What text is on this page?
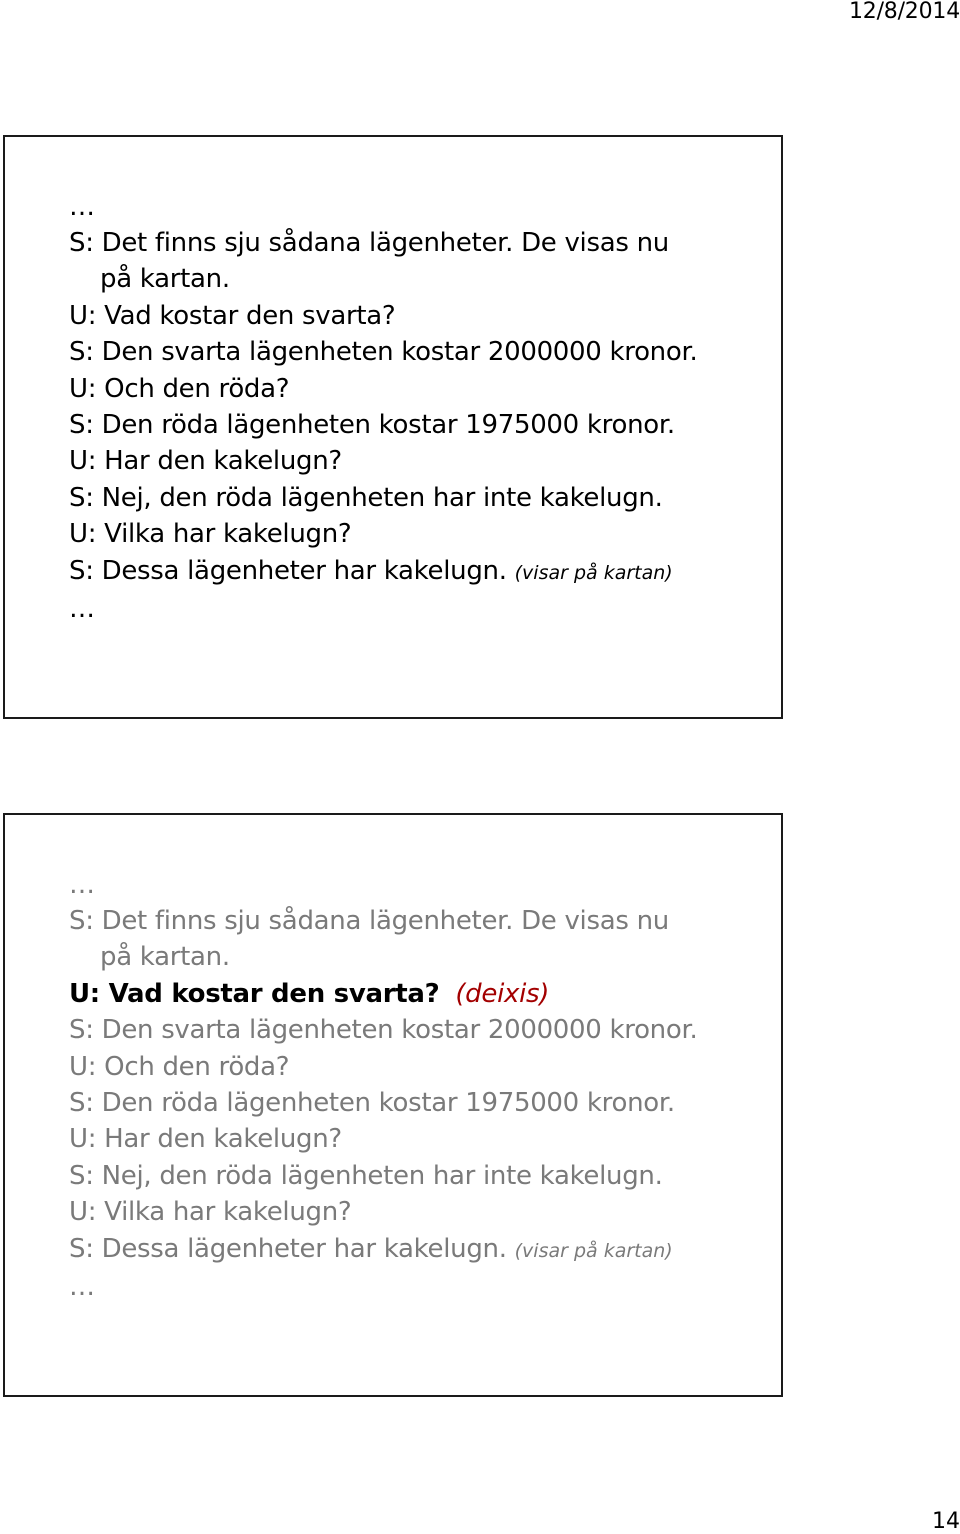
12/8/2014
…
S: Det finns sju sådana lägenheter. De visas nu
på kartan.
U: Vad kostar den svarta?
S: Den svarta lägenheten kostar 2000000 kronor.
U: Och den röda?
S: Den röda lägenheten kostar 1975000 kronor.
U: Har den kakelugn?
S: Nej, den röda lägenheten har inte kakelugn.
U: Vilka har kakelugn?
S: Dessa lägenheter har kakelugn. (visar på kartan)
…
…
S: Det finns sju sådana lägenheter. De visas nu
på kartan.
U: Vad kostar den svarta? (deixis)
S: Den svarta lägenheten kostar 2000000 kronor.
U: Och den röda?
S: Den röda lägenheten kostar 1975000 kronor.
U: Har den kakelugn?
S: Nej, den röda lägenheten har inte kakelugn.
U: Vilka har kakelugn?
S: Dessa lägenheter har kakelugn. (visar på kartan)
…
14
